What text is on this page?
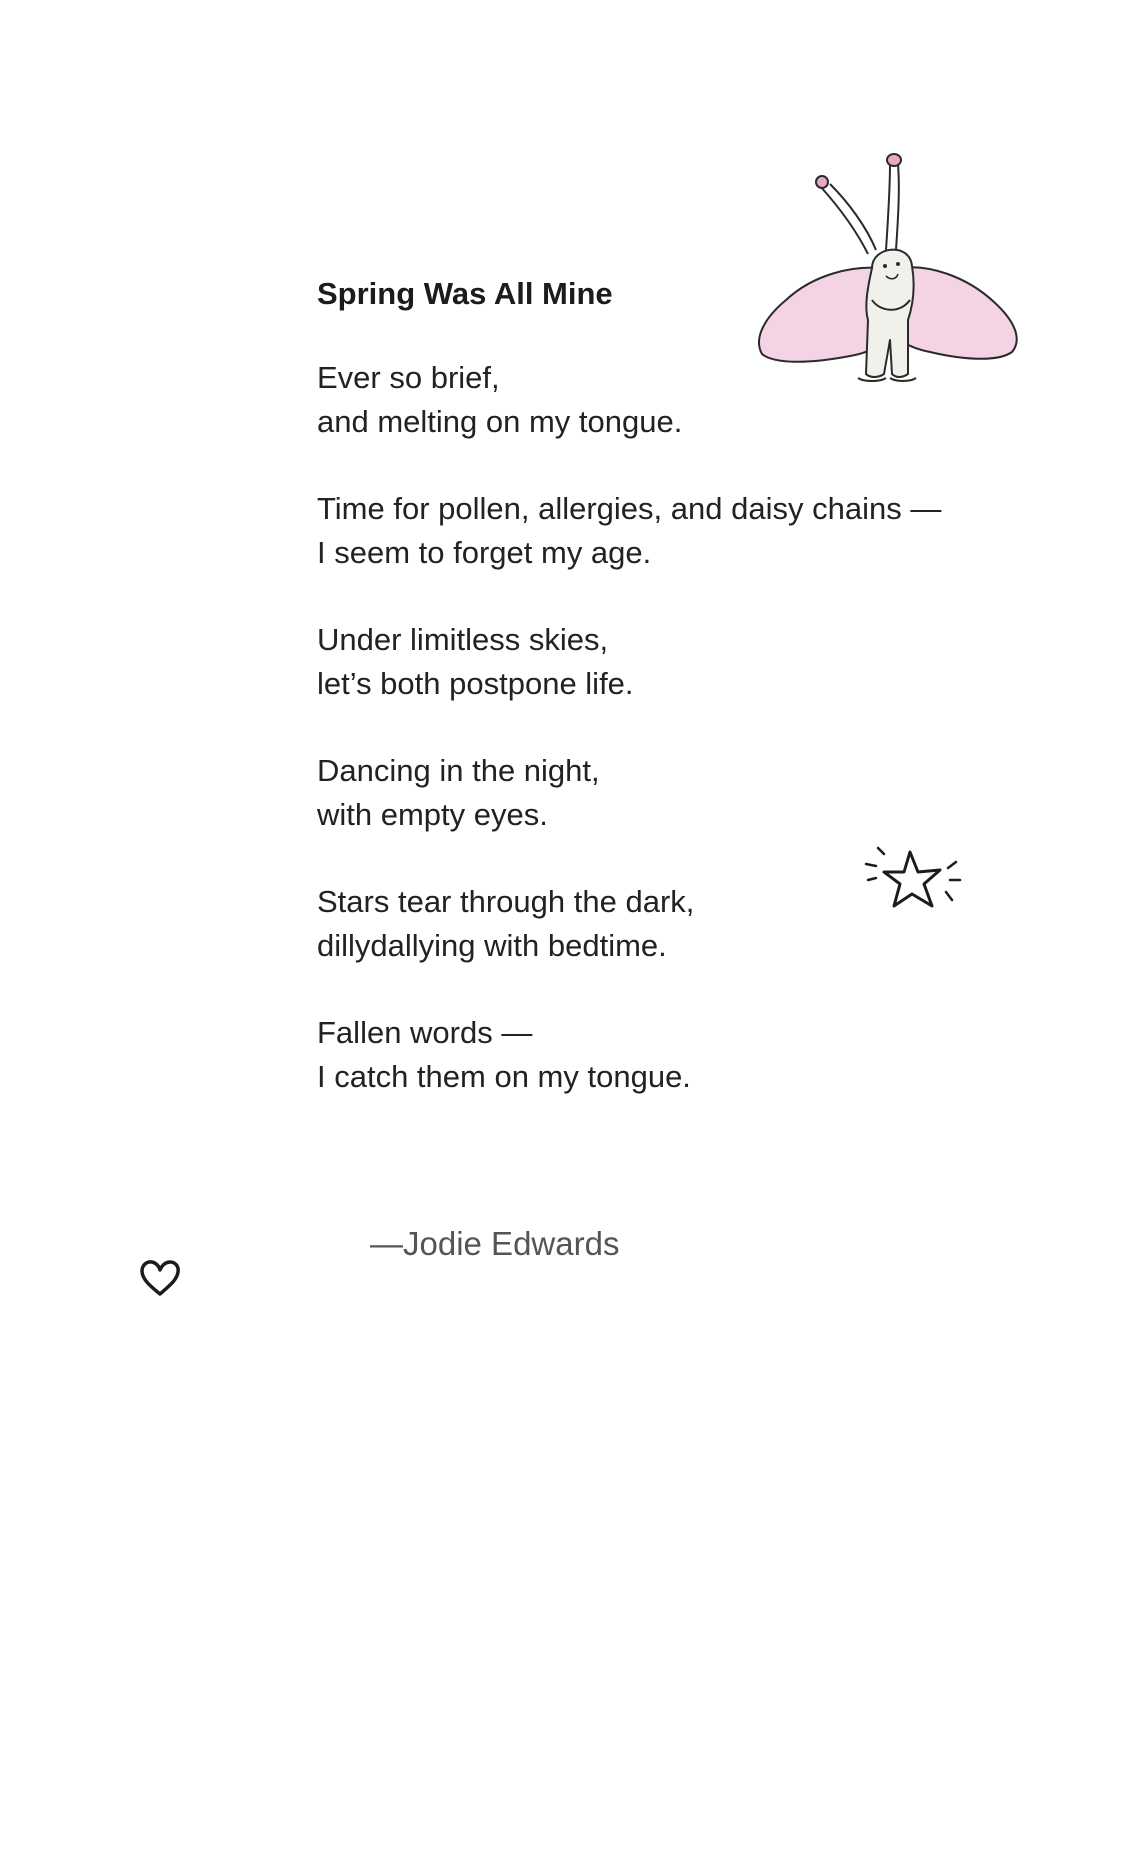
Spring Was All Mine
Ever so brief,
and melting on my tongue.
Time for pollen, allergies, and daisy chains —
I seem to forget my age.
Under limitless skies,
let’s both postpone life.
Dancing in the night,
with empty eyes.
Stars tear through the dark,
dillydallying with bedtime.
Fallen words —
I catch them on my tongue.
—Jodie Edwards
